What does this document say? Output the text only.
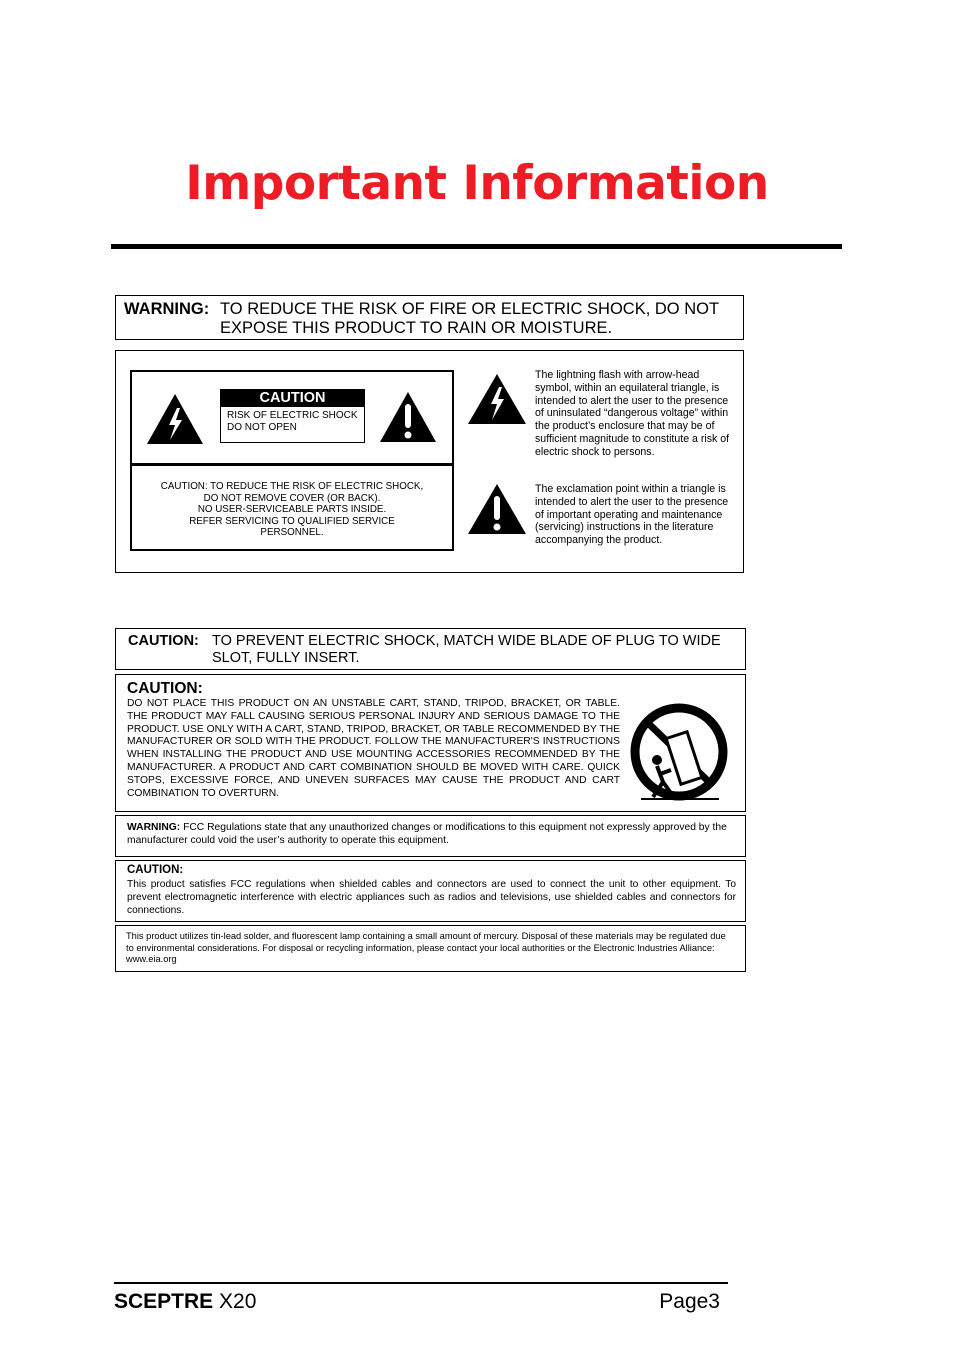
Important Information
WARNING: TO REDUCE THE RISK OF FIRE OR ELECTRIC SHOCK, DO NOT EXPOSE THIS PRODUCT TO RAIN OR MOISTURE.
CAUTION
RISK OF ELECTRIC SHOCK
DO NOT OPEN
CAUTION: TO REDUCE THE RISK OF ELECTRIC SHOCK,
DO NOT REMOVE COVER (OR BACK).
NO USER-SERVICEABLE PARTS INSIDE.
REFER SERVICING TO QUALIFIED SERVICE
PERSONNEL.
The lightning flash with arrow-head symbol, within an equilateral triangle, is intended to alert the user to the presence of uninsulated “dangerous voltage” within the product’s enclosure that may be of sufficient magnitude to constitute a risk of electric shock to persons.
The exclamation point within a triangle is intended to alert the user to the presence of important operating and maintenance (servicing) instructions in the literature accompanying the product.
CAUTION: TO PREVENT ELECTRIC SHOCK, MATCH WIDE BLADE OF PLUG TO WIDE SLOT, FULLY INSERT.
CAUTION:
DO NOT PLACE THIS PRODUCT ON AN UNSTABLE CART, STAND, TRIPOD, BRACKET, OR TABLE. THE PRODUCT MAY FALL CAUSING SERIOUS PERSONAL INJURY AND SERIOUS DAMAGE TO THE PRODUCT. USE ONLY WITH A CART, STAND, TRIPOD, BRACKET, OR TABLE RECOMMENDED BY THE MANUFACTURER OR SOLD WITH THE PRODUCT. FOLLOW THE MANUFACTURER'S INSTRUCTIONS WHEN INSTALLING THE PRODUCT AND USE MOUNTING ACCESSORIES RECOMMENDED BY THE MANUFACTURER. A PRODUCT AND CART COMBINATION SHOULD BE MOVED WITH CARE. QUICK STOPS, EXCESSIVE FORCE, AND UNEVEN SURFACES MAY CAUSE THE PRODUCT AND CART COMBINATION TO OVERTURN.
WARNING: FCC Regulations state that any unauthorized changes or modifications to this equipment not expressly approved by the manufacturer could void the user’s authority to operate this equipment.
CAUTION:
This product satisfies FCC regulations when shielded cables and connectors are used to connect the unit to other equipment. To prevent electromagnetic interference with electric appliances such as radios and televisions, use shielded cables and connectors for connections.
This product utilizes tin-lead solder, and fluorescent lamp containing a small amount of mercury. Disposal of these materials may be regulated due to environmental considerations. For disposal or recycling information, please contact your local authorities or the Electronic Industries Alliance: www.eia.org
SCEPTRE X20	Page3
